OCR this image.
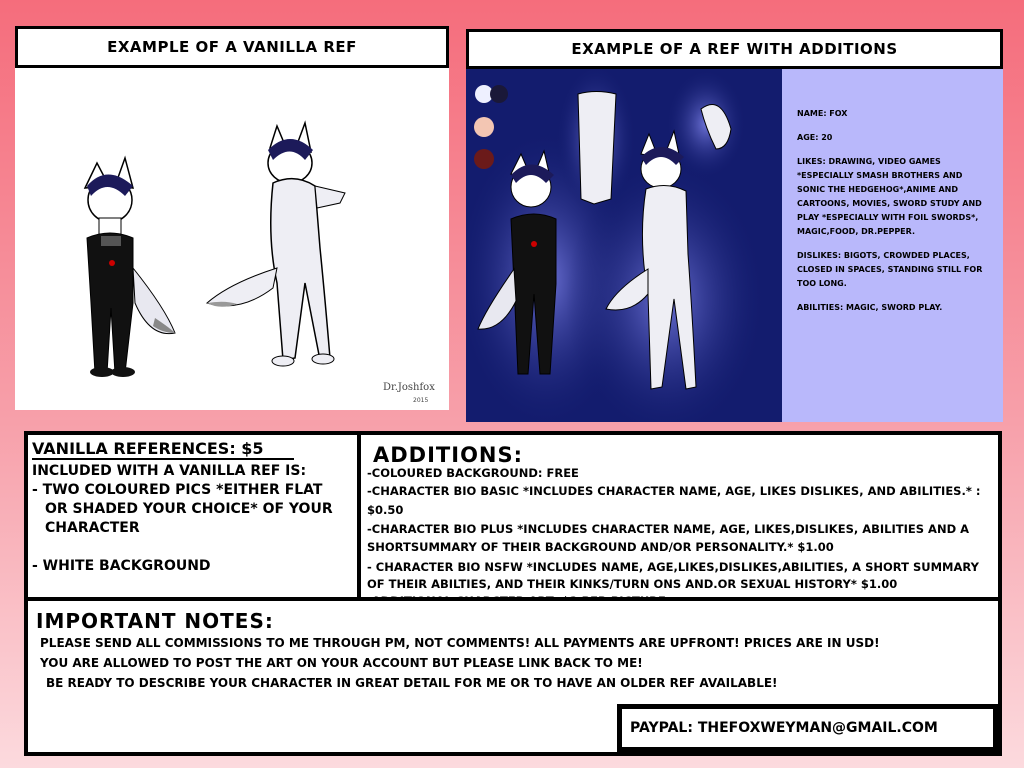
EXAMPLE OF A VANILLA REF
Dr.Joshfox
2015
EXAMPLE OF A REF WITH ADDITIONS

NAME: FOX

AGE: 20

LIKES: DRAWING, VIDEO GAMES *ESPECIALLY SMASH BROTHERS AND SONIC THE HEDGEHOG*,ANIME AND CARTOONS, MOVIES, SWORD STUDY AND PLAY *ESPECIALLY WITH FOIL SWORDS*, MAGIC,FOOD, DR.PEPPER.

DISLIKES: BIGOTS, CROWDED PLACES, CLOSED IN SPACES, STANDING STILL FOR TOO LONG.

ABILITIES: MAGIC, SWORD PLAY.

VANILLA REFERENCES: $5
INCLUDED WITH A VANILLA REF IS:
- TWO COLOURED PICS *EITHER FLAT
OR SHADED YOUR CHOICE* OF YOUR
CHARACTER
- WHITE BACKGROUND
ADDITIONS:
-COLOURED BACKGROUND: FREE
-CHARACTER BIO BASIC *INCLUDES CHARACTER NAME, AGE, LIKES DISLIKES, AND ABILITIES.* : $0.50
-CHARACTER BIO PLUS *INCLUDES CHARACTER NAME, AGE, LIKES,DISLIKES, ABILITIES AND A
SHORTSUMMARY OF THEIR BACKGROUND AND/OR PERSONALITY.* $1.00
- CHARACTER BIO NSFW *INCLUDES NAME, AGE,LIKES,DISLIKES,ABILITIES, A SHORT SUMMARY
OF THEIR ABILTIES, AND THEIR KINKS/TURN ONS AND.OR SEXUAL HISTORY* $1.00
IMPORTANT NOTES:
PLEASE SEND ALL COMMISSIONS TO ME THROUGH PM, NOT COMMENTS! ALL PAYMENTS ARE UPFRONT! PRICES ARE IN USD!
YOU ARE ALLOWED TO POST THE ART ON YOUR ACCOUNT BUT PLEASE LINK BACK TO ME!
BE READY TO DESCRIBE YOUR CHARACTER IN GREAT DETAIL FOR ME OR TO HAVE AN OLDER REF AVAILABLE!
PAYPAL: THEFOXWEYMAN@GMAIL.COM
